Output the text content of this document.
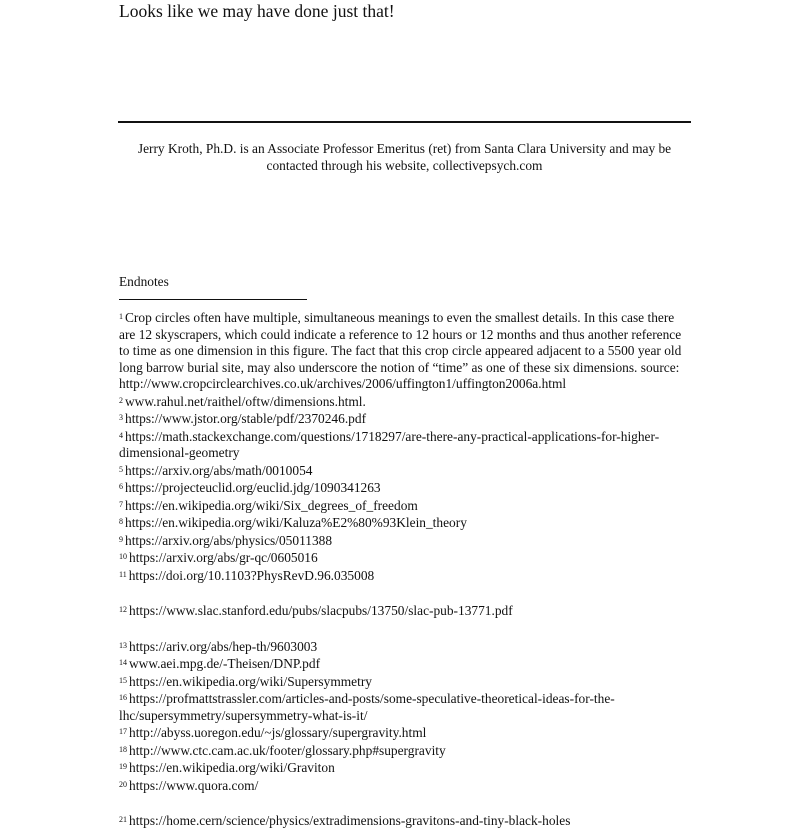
Looks like we may have done just that!

Jerry Kroth, Ph.D. is an Associate Professor Emeritus (ret) from Santa Clara University and may be contacted through his website, collectivepsych.com

Endnotes

$^1$ Crop circles often have multiple, simultaneous meanings to even the smallest details. In this case there are 12 skyscrapers, which could indicate a reference to 12 hours or 12 months and thus another reference to time as one dimension in this figure. The fact that this crop circle appeared adjacent to a 5500 year old long barrow burial site, may also underscore the notion of “time” as one of these six dimensions. source:
http://www.cropcirclearchives.co.uk/archives/2006/uffington1/uffington2006a.html

$^2$ www.rahul.net/raithel/oftw/dimensions.html.

$^3$ https://www.jstor.org/stable/pdf/2370246.pdf

$^4$ https://math.stackexchange.com/questions/1718297/are-there-any-practical-applications-for-higher-dimensional-geometry

$^5$ https://arxiv.org/abs/math/0010054

$^6$ https://projecteuclid.org/euclid.jdg/1090341263

$^7$ https://en.wikipedia.org/wiki/Six_degrees_of_freedom

$^8$ https://en.wikipedia.org/wiki/Kaluza%E2%80%93Klein_theory

$^9$ https://arxiv.org/abs/physics/05011388

$^{10}$ https://arxiv.org/abs/gr-qc/0605016

$^{11}$ https://doi.org/10.1103?PhysRevD.96.035008

$^{12}$ https://www.slac.stanford.edu/pubs/slacpubs/13750/slac-pub-13771.pdf

$^{13}$ https://ariv.org/abs/hep-th/9603003

$^{14}$ www.aei.mpg.de/-Theisen/DNP.pdf

$^{15}$ https://en.wikipedia.org/wiki/Supersymmetry

$^{16}$ https://profmattstrassler.com/articles-and-posts/some-speculative-theoretical-ideas-for-the-lhc/supersymmetry/supersymmetry-what-is-it/

$^{17}$ http://abyss.uoregon.edu/~js/glossary/supergravity.html

$^{18}$ http://www.ctc.cam.ac.uk/footer/glossary.php#supergravity

$^{19}$ https://en.wikipedia.org/wiki/Graviton

$^{20}$ https://www.quora.com/

$^{21}$ https://home.cern/science/physics/extradimensions-gravitons-and-tiny-black-holes
